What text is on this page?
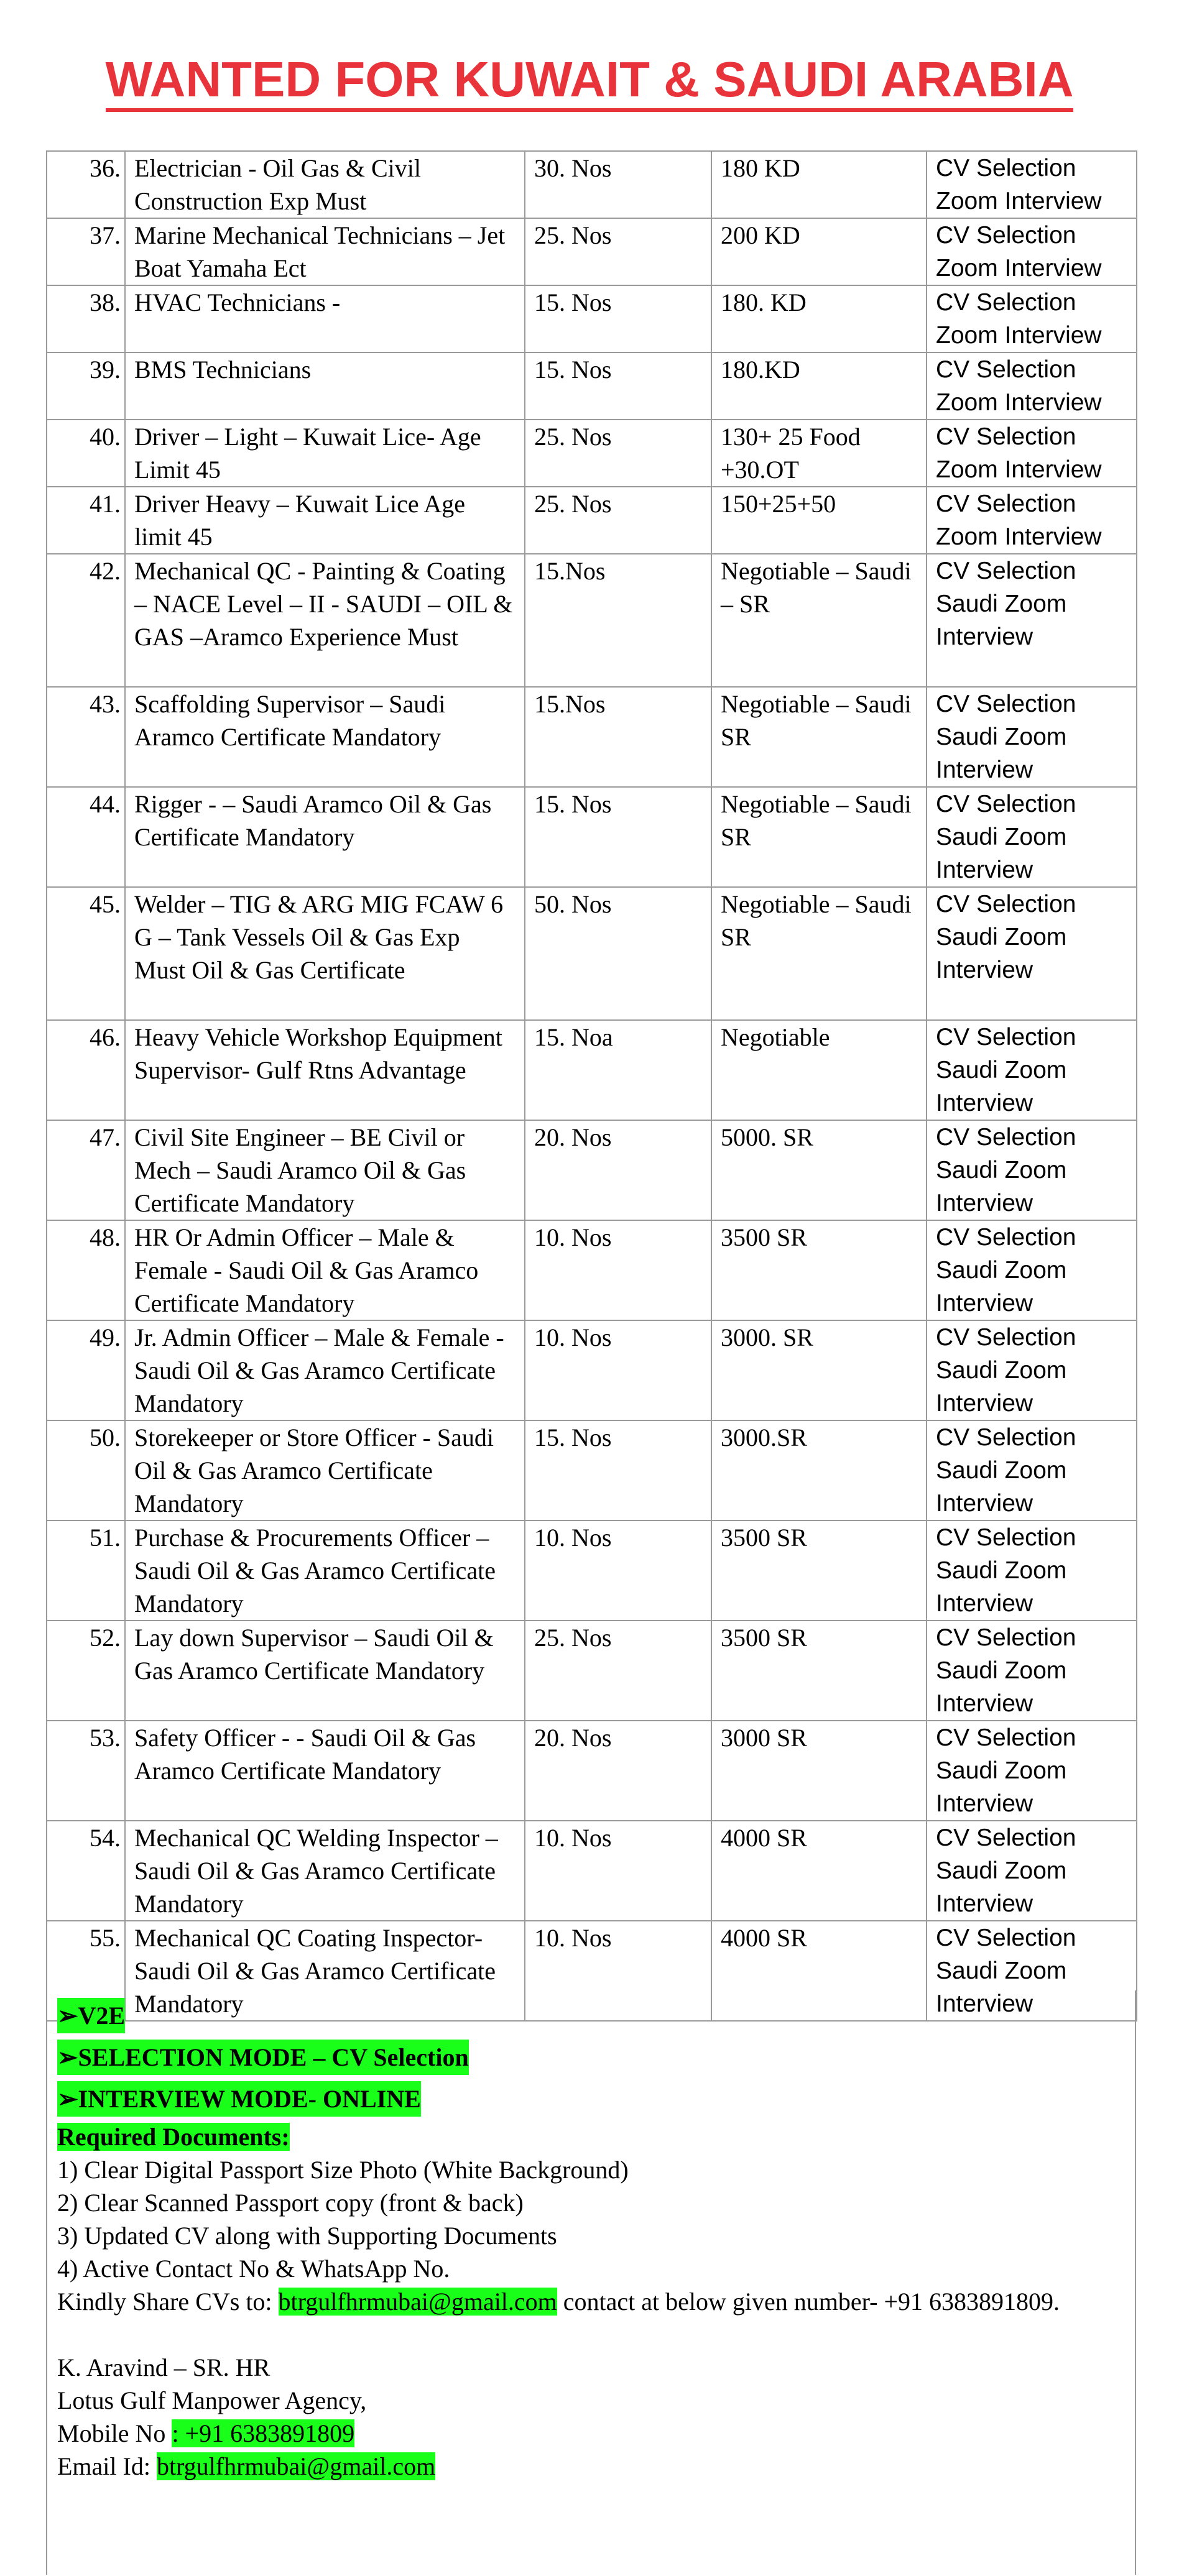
WANTED FOR KUWAIT & SAUDI ARABIA
36.	Electrician - Oil Gas & Civil Construction Exp Must	30. Nos	180 KD	CV Selection Zoom Interview
37.	Marine Mechanical Technicians – Jet Boat Yamaha Ect	25. Nos	200 KD	CV Selection Zoom Interview
38.	HVAC Technicians -	15. Nos	180. KD	CV Selection Zoom Interview
39.	BMS Technicians	15. Nos	180.KD	CV Selection Zoom Interview
40.	Driver – Light – Kuwait Lice- Age Limit 45	25. Nos	130+ 25 Food +30.OT	CV Selection Zoom Interview
41.	Driver Heavy – Kuwait Lice Age limit 45	25. Nos	150+25+50	CV Selection Zoom Interview
42.	Mechanical QC - Painting & Coating – NACE Level – II - SAUDI – OIL & GAS –Aramco Experience Must	15.Nos	Negotiable – Saudi – SR	CV Selection Saudi Zoom Interview
43.	Scaffolding Supervisor – Saudi Aramco Certificate Mandatory	15.Nos	Negotiable – Saudi SR	CV Selection Saudi Zoom Interview
44.	Rigger - – Saudi Aramco Oil & Gas Certificate Mandatory	15. Nos	Negotiable – Saudi SR	CV Selection Saudi Zoom Interview
45.	Welder – TIG & ARG MIG FCAW 6 G – Tank Vessels Oil & Gas Exp Must Oil & Gas Certificate	50. Nos	Negotiable – Saudi SR	CV Selection Saudi Zoom Interview
46.	Heavy Vehicle Workshop Equipment Supervisor- Gulf Rtns Advantage	15. Noa	Negotiable	CV Selection Saudi Zoom Interview
47.	Civil Site Engineer – BE Civil or Mech – Saudi Aramco Oil & Gas Certificate Mandatory	20. Nos	5000. SR	CV Selection Saudi Zoom Interview
48.	HR Or Admin Officer – Male & Female - Saudi Oil & Gas Aramco Certificate Mandatory	10. Nos	3500 SR	CV Selection Saudi Zoom Interview
49.	Jr. Admin Officer – Male & Female - Saudi Oil & Gas Aramco Certificate Mandatory	10. Nos	3000. SR	CV Selection Saudi Zoom Interview
50.	Storekeeper or Store Officer - Saudi Oil & Gas Aramco Certificate Mandatory	15. Nos	3000.SR	CV Selection Saudi Zoom Interview
51.	Purchase & Procurements Officer – Saudi Oil & Gas Aramco Certificate Mandatory	10. Nos	3500 SR	CV Selection Saudi Zoom Interview
52.	Lay down Supervisor – Saudi Oil & Gas Aramco Certificate Mandatory	25. Nos	3500 SR	CV Selection Saudi Zoom Interview
53.	Safety Officer - - Saudi Oil & Gas Aramco Certificate Mandatory	20. Nos	3000 SR	CV Selection Saudi Zoom Interview
54.	Mechanical QC Welding Inspector – Saudi Oil & Gas Aramco Certificate Mandatory	10. Nos	4000 SR	CV Selection Saudi Zoom Interview
55.	Mechanical QC Coating Inspector- Saudi Oil & Gas Aramco Certificate Mandatory	10. Nos	4000 SR	CV Selection Saudi Zoom Interview
➢V2E
➢SELECTION MODE – CV Selection
➢INTERVIEW MODE- ONLINE
Required Documents:
1) Clear Digital Passport Size Photo (White Background)
2) Clear Scanned Passport copy (front & back)
3) Updated CV along with Supporting Documents
4) Active Contact No & WhatsApp No.
Kindly Share CVs to: btrgulfhrmubai@gmail.com contact at below given number- +91 6383891809.
K. Aravind – SR. HR
Lotus Gulf Manpower Agency,
Mobile No : +91 6383891809
Email Id: btrgulfhrmubai@gmail.com
